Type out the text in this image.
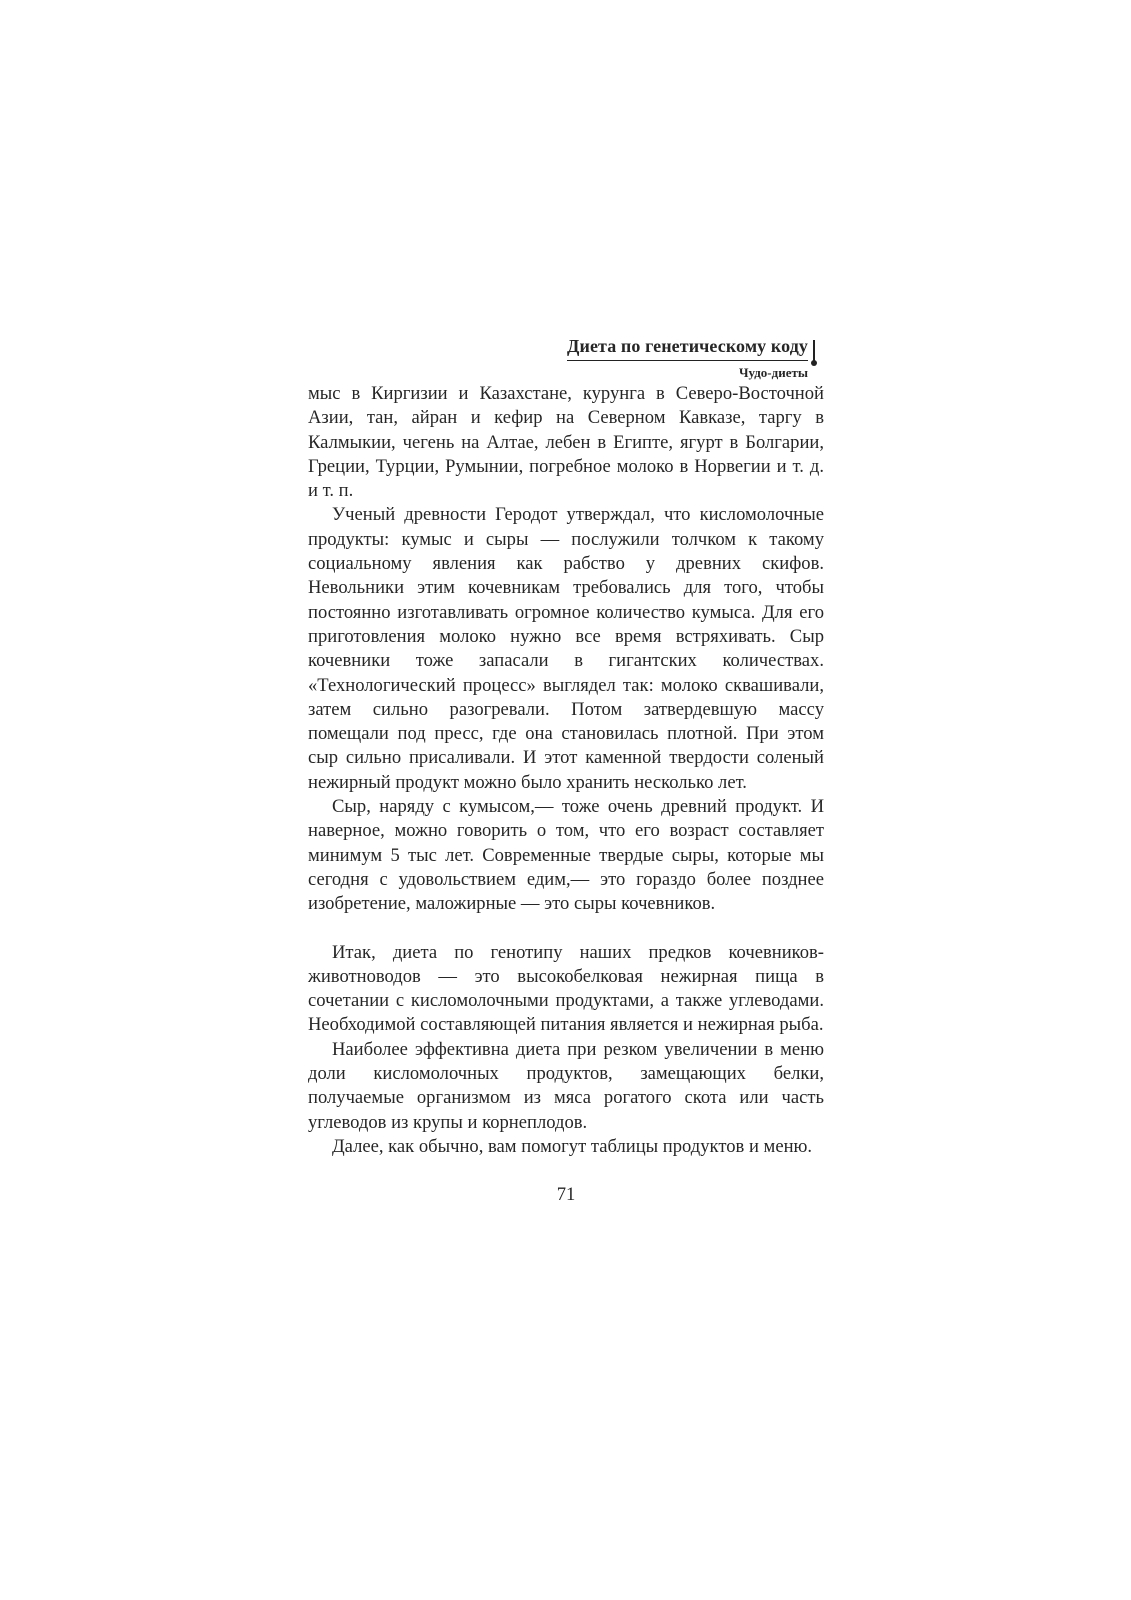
Диета по генетическому коду
Чудо-диеты

мыс в Киргизии и Казахстане, курунга в Северо-Восточной Азии, тан, айран и кефир на Северном Кавказе, таргу в Калмыкии, чегень на Алтае, лебен в Египте, ягурт в Болгарии, Греции, Турции, Румынии, погребное молоко в Норвегии и т. д. и т. п.

Ученый древности Геродот утверждал, что кисломолочные продукты: кумыс и сыры — послужили толчком к такому социальному явления как рабство у древних скифов. Невольники этим кочевникам требовались для того, чтобы постоянно изготавливать огромное количество кумыса. Для его приготовления молоко нужно все время встряхивать. Сыр кочевники тоже запасали в гигантских количествах. «Технологический процесс» выглядел так: молоко сквашивали, затем сильно разогревали. Потом затвердевшую массу помещали под пресс, где она становилась плотной. При этом сыр сильно присаливали. И этот каменной твердости соленый нежирный продукт можно было хранить несколько лет.

Сыр, наряду с кумысом,— тоже очень древний продукт. И наверное, можно говорить о том, что его возраст составляет минимум 5 тыс лет. Современные твердые сыры, которые мы сегодня с удовольствием едим,— это гораздо более позднее изобретение, маложирные — это сыры кочевников.

Итак, диета по генотипу наших предков кочевников-животноводов — это высокобелковая нежирная пища в сочетании с кисломолочными продуктами, а также углеводами. Необходимой составляющей питания является и нежирная рыба.

Наиболее эффективна диета при резком увеличении в меню доли кисломолочных продуктов, замещающих белки, получаемые организмом из мяса рогатого скота или часть углеводов из крупы и корнеплодов.

Далее, как обычно, вам помогут таблицы продуктов и меню.

71
